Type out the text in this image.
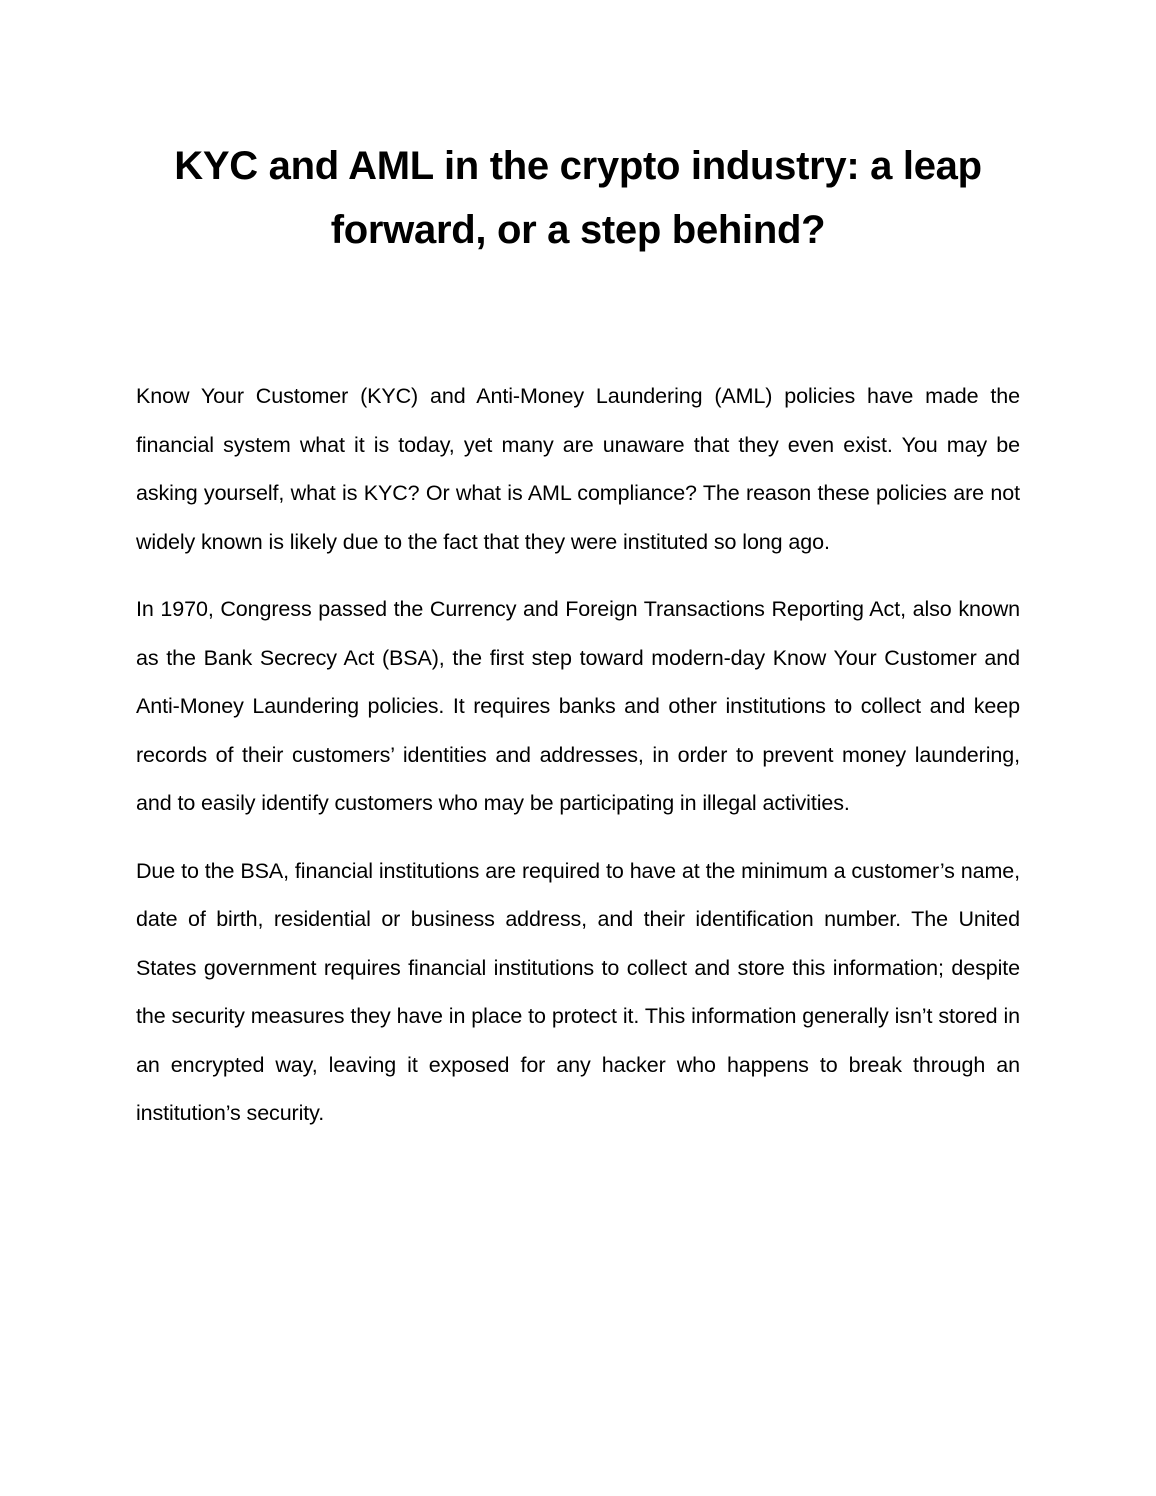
KYC and AML in the crypto industry: a leap forward, or a step behind?

Know Your Customer (KYC) and Anti-Money Laundering (AML) policies have made the financial system what it is today, yet many are unaware that they even exist. You may be asking yourself, what is KYC? Or what is AML compliance? The reason these policies are not widely known is likely due to the fact that they were instituted so long ago.

In 1970, Congress passed the Currency and Foreign Transactions Reporting Act, also known as the Bank Secrecy Act (BSA), the first step toward modern-day Know Your Customer and Anti-Money Laundering policies. It requires banks and other institutions to collect and keep records of their customers’ identities and addresses, in order to prevent money laundering, and to easily identify customers who may be participating in illegal activities.

Due to the BSA, financial institutions are required to have at the minimum a customer’s name, date of birth, residential or business address, and their identification number. The United States government requires financial institutions to collect and store this information; despite the security measures they have in place to protect it. This information generally isn’t stored in an encrypted way, leaving it exposed for any hacker who happens to break through an institution’s security.
